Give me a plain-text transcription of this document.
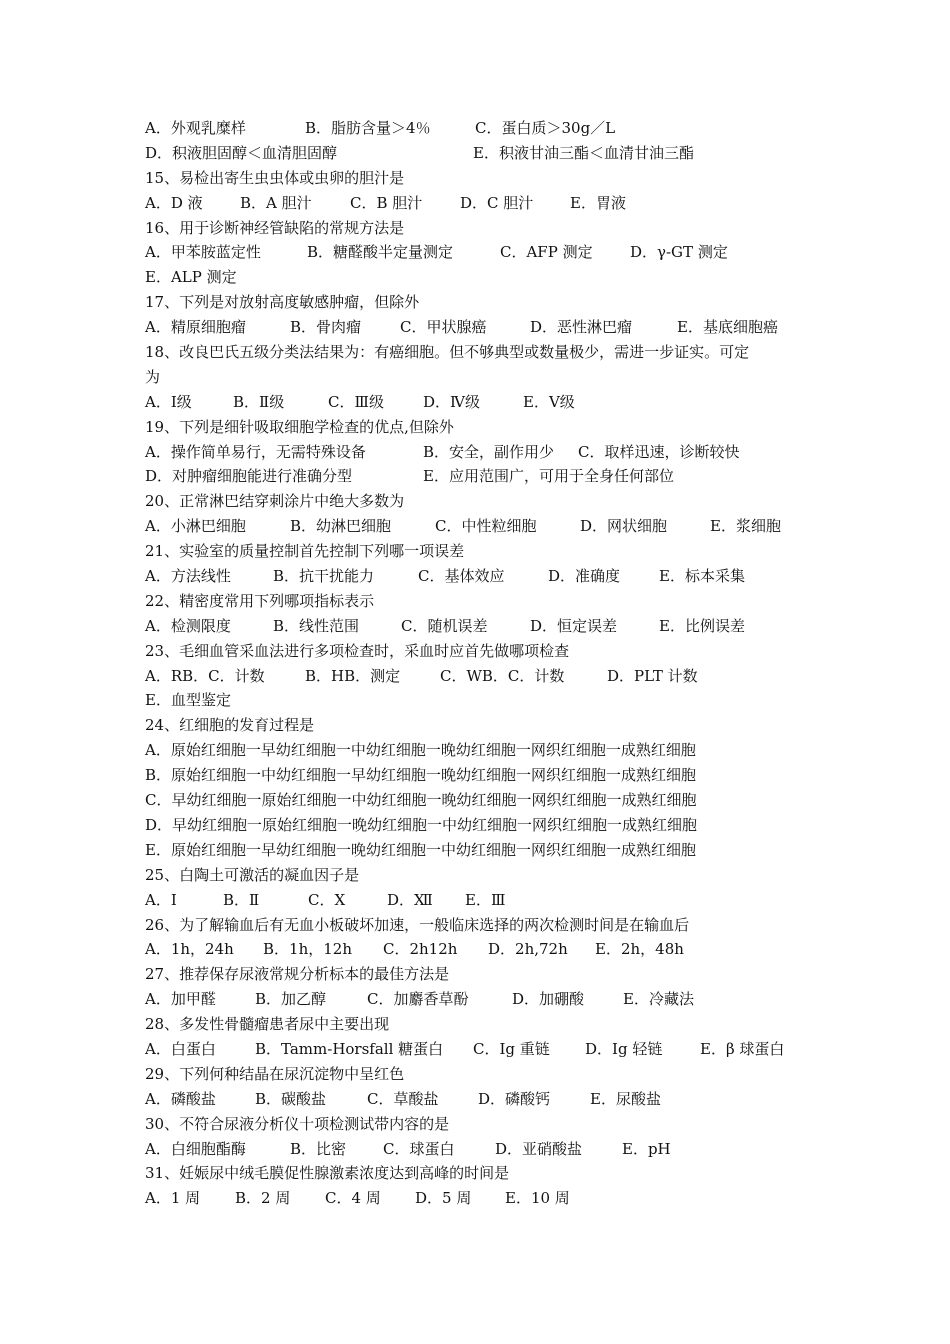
A．外观乳糜样	B．脂肪含量＞4％	C．蛋白质＞30g／L
D．积液胆固醇＜血清胆固醇	E．积液甘油三酯＜血清甘油三酯
15、易检出寄生虫虫体或虫卵的胆汁是
A．D 液 B．A 胆汁	C．B 胆汁	D．C 胆汁 E．胃液
16、用于诊断神经管缺陷的常规方法是
A．甲苯胺蓝定性	B．糖醛酸半定量测定	C．AFP 测定 D．γ-GT 测定
E．ALP 测定
17、下列是对放射高度敏感肿瘤，但除外
A．精原细胞瘤	B．骨肉瘤	C．甲状腺癌	D．恶性淋巴瘤	E．基底细胞癌
18、改良巴氏五级分类法结果为：有癌细胞。但不够典型或数量极少，需进一步证实。可定
为
A．Ⅰ级	B．Ⅱ级	C．Ⅲ级	D．Ⅳ级	E．Ⅴ级
19、下列是细针吸取细胞学检查的优点,但除外
A．操作简单易行，无需特殊设备	B．安全，副作用少 C．取样迅速，诊断较快
D．对肿瘤细胞能进行准确分型	E．应用范围广，可用于全身任何部位
20、正常淋巴结穿刺涂片中绝大多数为
A．小淋巴细胞	B．幼淋巴细胞	C．中性粒细胞	D．网状细胞	E．浆细胞
21、实验室的质量控制首先控制下列哪一项误差
A．方法线性	B．抗干扰能力	C．基体效应	D．准确度	E．标本采集
22、精密度常用下列哪项指标表示
A．检测限度	B．线性范围	C．随机误差	D．恒定误差	E．比例误差
23、毛细血管采血法进行多项检查时，采血时应首先做哪项检查
A．RB．C．计数	B．HB．测定	C．WB．C．计数	D．PLT 计数
E．血型鉴定
24、红细胞的发育过程是
A．原始红细胞一早幼红细胞一中幼红细胞一晚幼红细胞一网织红细胞一成熟红细胞
B．原始红细胞一中幼红细胞一早幼红细胞一晚幼红细胞一网织红细胞一成熟红细胞
C．早幼红细胞一原始红细胞一中幼红细胞一晚幼红细胞一网织红细胞一成熟红细胞
D．早幼红细胞一原始红细胞一晚幼红细胞一中幼红细胞一网织红细胞一成熟红细胞
E．原始红细胞一早幼红细胞一晚幼红细胞一中幼红细胞一网织红细胞一成熟红细胞
25、白陶土可激活的凝血因子是
A．Ⅰ	B．Ⅱ	C．Ⅹ	D．Ⅻ E．Ⅲ
26、为了解输血后有无血小板破坏加速，一般临床选择的两次检测时间是在输血后
A．1h，24h B．1h，12h C．2h12h D．2h,72h E．2h，48h
27、推荐保存尿液常规分析标本的最佳方法是
A．加甲醛	B．加乙醇	C．加麝香草酚	D．加硼酸	E．冷藏法
28、多发性骨髓瘤患者尿中主要出现
A．白蛋白	B．Tamm-Horsfall 糖蛋白 C．Ig 重链 D．Ig 轻链	E．β 球蛋白
29、下列何种结晶在尿沉淀物中呈红色
A．磷酸盐	B．碳酸盐	C．草酸盐	D．磷酸钙	E．尿酸盐
30、不符合尿液分析仪十项检测试带内容的是
A．白细胞酯酶	B．比密 C．球蛋白	D．亚硝酸盐	E．pH
31、妊娠尿中绒毛膜促性腺激素浓度达到高峰的时间是
A．1 周 B．2 周 C．4 周 D．5 周 E．10 周
